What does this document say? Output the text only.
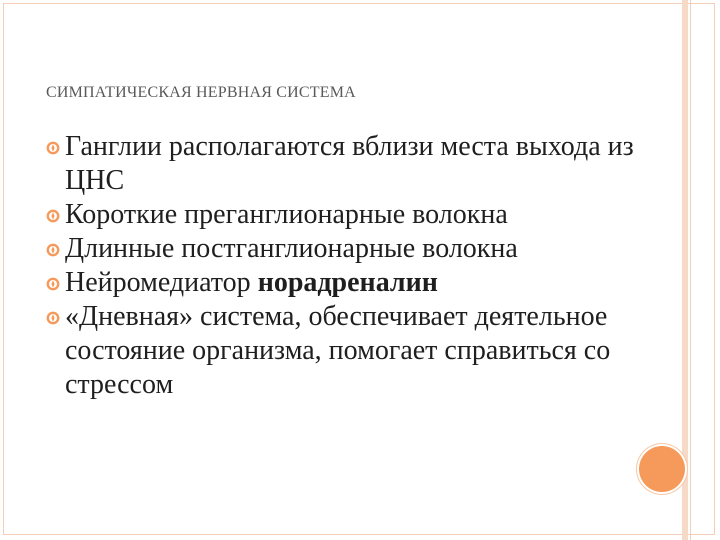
СИМПАТИЧЕСКАЯ НЕРВНАЯ СИСТЕМА
Ганглии располагаются вблизи места выхода из ЦНС
Короткие преганглионарные волокна
Длинные постганглионарные волокна
Нейромедиатор норадреналин
«Дневная» система, обеспечивает деятельное состояние организма, помогает справиться со стрессом
